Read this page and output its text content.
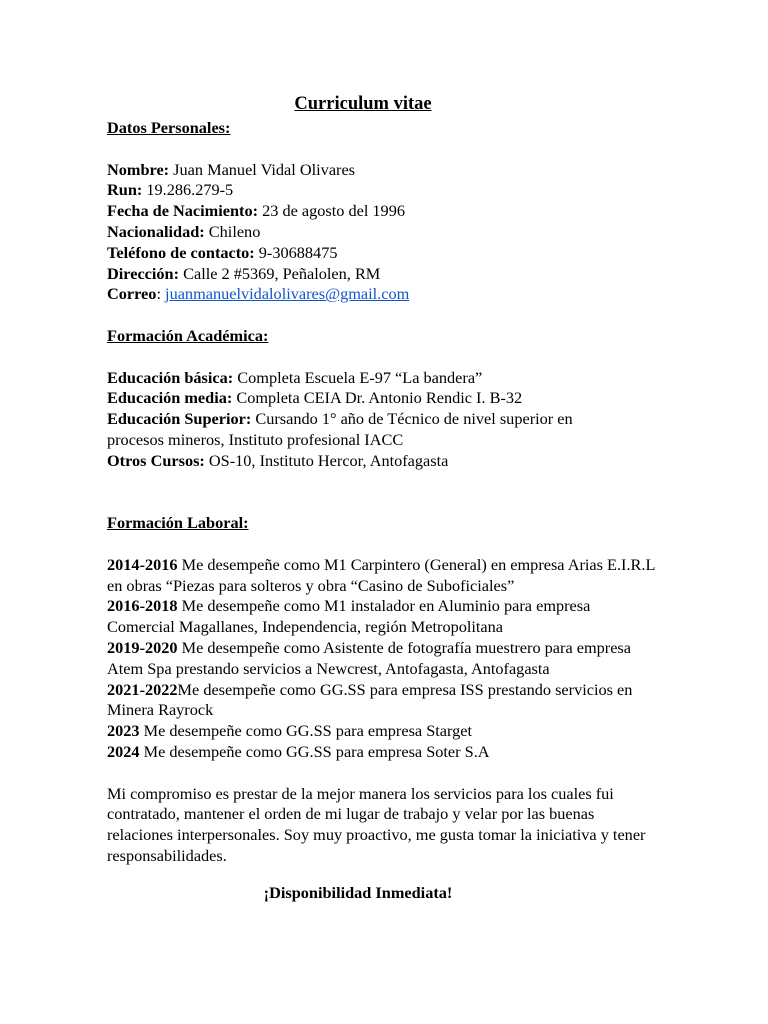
Curriculum vitae

Datos Personales:

Nombre: Juan Manuel Vidal Olivares

Run: 19.286.279-5

Fecha de Nacimiento: 23 de agosto del 1996

Nacionalidad: Chileno

Teléfono de contacto: 9-30688475

Dirección: Calle 2 #5369, Peñalolen, RM

Correo: juanmanuelvidalolivares@gmail.com

Formación Académica:

Educación básica: Completa Escuela E-97 “La bandera”

Educación media: Completa CEIA Dr. Antonio Rendic I. B-32

Educación Superior: Cursando 1° año de Técnico de nivel superior en procesos mineros, Instituto profesional IACC

Otros Cursos: OS-10, Instituto Hercor, Antofagasta

Formación Laboral:

2014-2016 Me desempeñe como M1 Carpintero (General) en empresa Arias E.I.R.L en obras “Piezas para solteros y obra “Casino de Suboficiales”

2016-2018 Me desempeñe como M1 instalador en Aluminio para empresa Comercial Magallanes, Independencia, región Metropolitana

2019-2020 Me desempeñe como Asistente de fotografía muestrero para empresa Atem Spa prestando servicios a Newcrest, Antofagasta, Antofagasta

2021-2022Me desempeñe como GG.SS para empresa ISS prestando servicios en Minera Rayrock

2023 Me desempeñe como GG.SS para empresa Starget

2024 Me desempeñe como GG.SS para empresa Soter S.A

Mi compromiso es prestar de la mejor manera los servicios para los cuales fui contratado, mantener el orden de mi lugar de trabajo y velar por las buenas relaciones interpersonales. Soy muy proactivo, me gusta tomar la iniciativa y tener responsabilidades.

¡Disponibilidad Inmediata!
